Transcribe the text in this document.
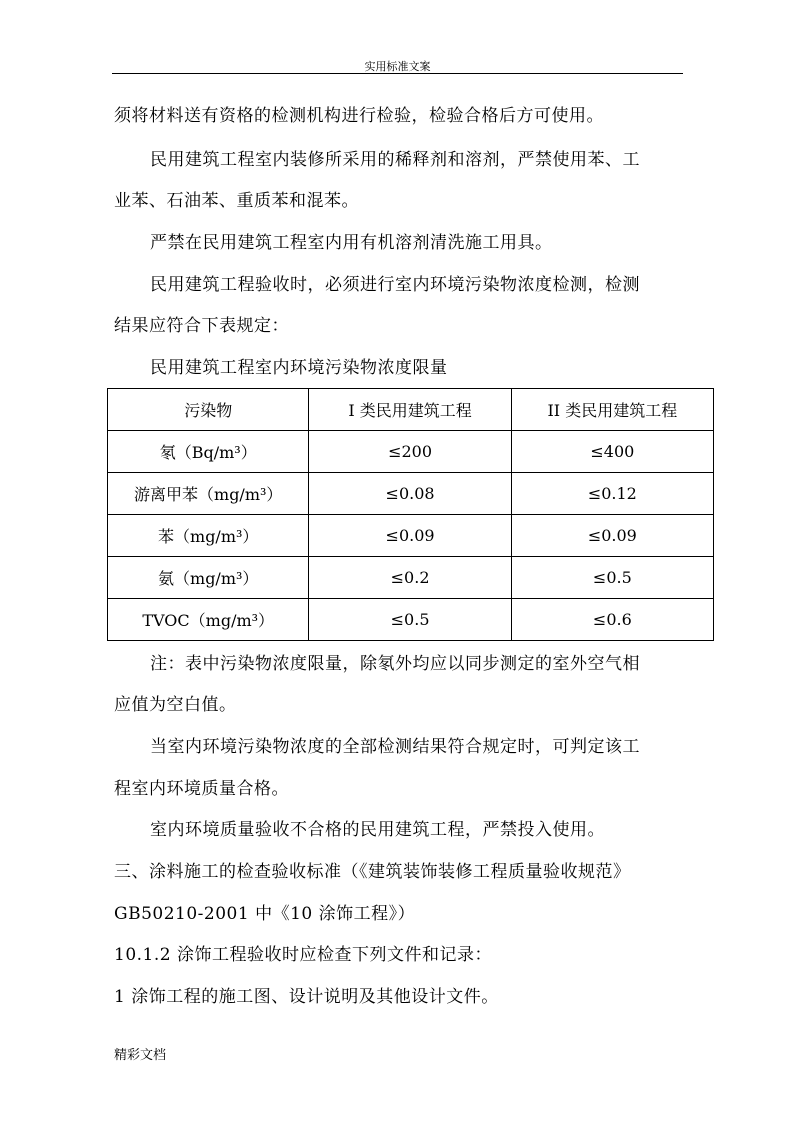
实用标准文案
须将材料送有资格的检测机构进行检验，检验合格后方可使用。
民用建筑工程室内装修所采用的稀释剂和溶剂，严禁使用苯、工
业苯、石油苯、重质苯和混苯。
严禁在民用建筑工程室内用有机溶剂清洗施工用具。
民用建筑工程验收时，必须进行室内环境污染物浓度检测，检测
结果应符合下表规定：
民用建筑工程室内环境污染物浓度限量
污染物	I 类民用建筑工程	II 类民用建筑工程
氡（Bq/m³）	≤200	≤400
游离甲苯（mg/m³）	≤0.08	≤0.12
苯（mg/m³）	≤0.09	≤0.09
氨（mg/m³）	≤0.2	≤0.5
TVOC（mg/m³）	≤0.5	≤0.6
注：表中污染物浓度限量，除氡外均应以同步测定的室外空气相
应值为空白值。
当室内环境污染物浓度的全部检测结果符合规定时，可判定该工
程室内环境质量合格。
室内环境质量验收不合格的民用建筑工程，严禁投入使用。
三、涂料施工的检查验收标准（《建筑装饰装修工程质量验收规范》
GB50210-2001 中《10 涂饰工程》）
10.1.2 涂饰工程验收时应检查下列文件和记录：
1 涂饰工程的施工图、设计说明及其他设计文件。
精彩文档
